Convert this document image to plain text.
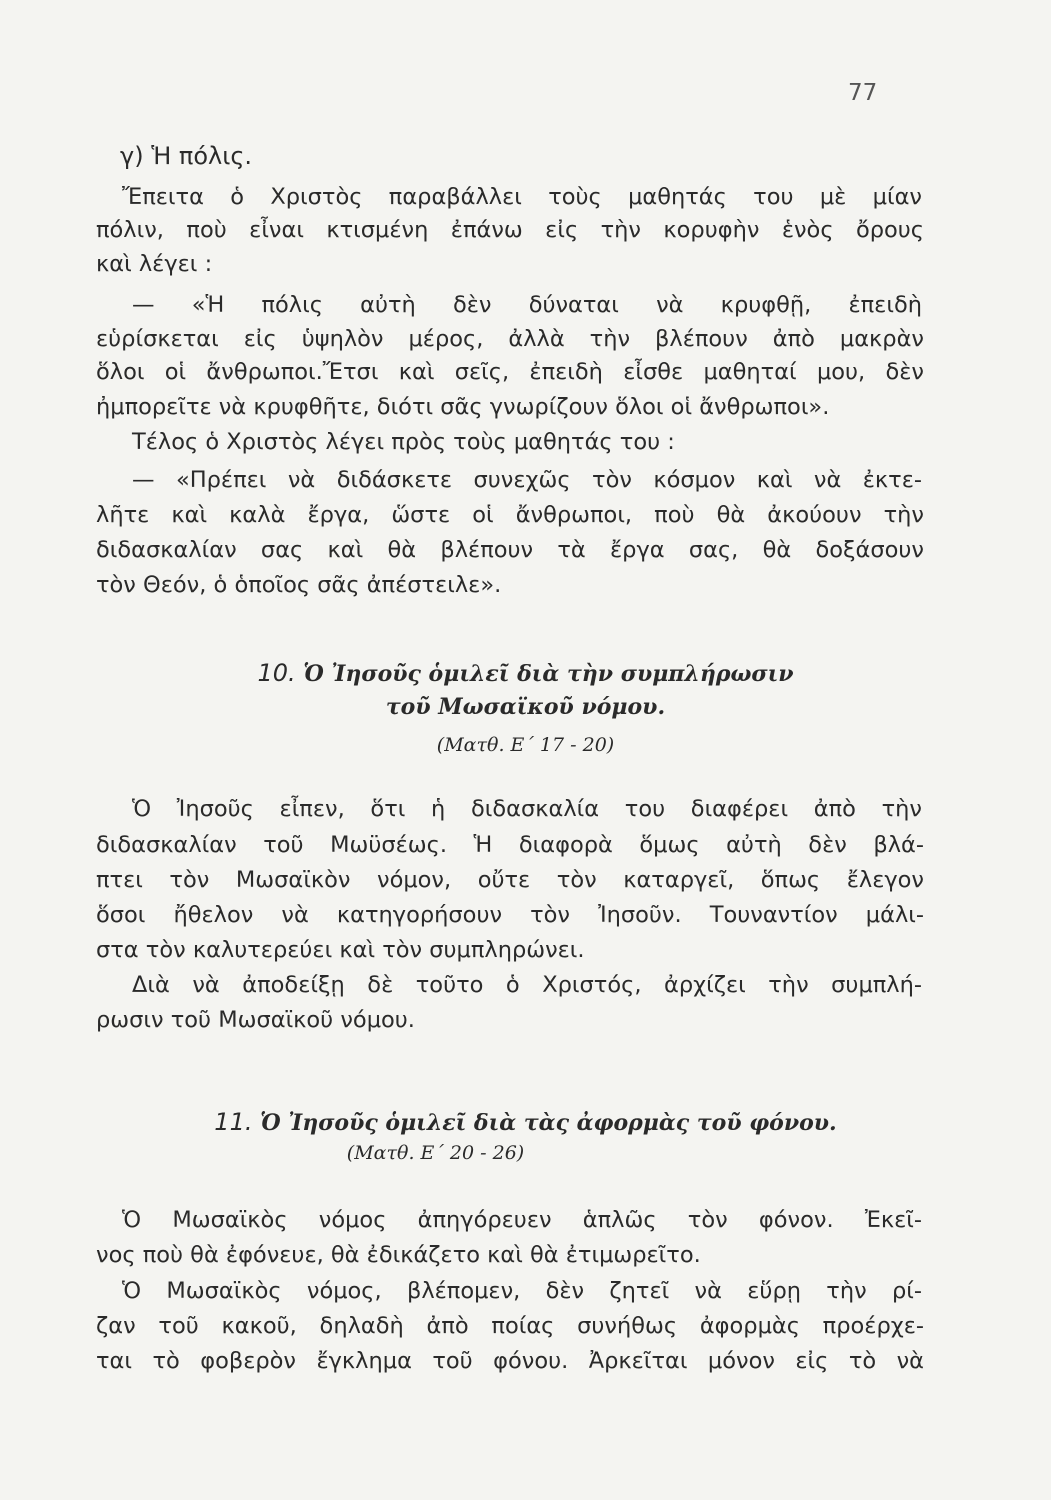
77
γ) Ἡ πόλις.
Ἔπειτα ὁ Χριστὸς παραβάλλει τοὺς μαθητάς του μὲ μίαν
πόλιν, ποὺ εἶναι κτισμένη ἐπάνω εἰς τὴν κορυφὴν ἑνὸς ὄρους
καὶ λέγει :
— «Ἡ πόλις αὐτὴ δὲν δύναται νὰ κρυφθῇ, ἐπειδὴ
εὑρίσκεται εἰς ὑψηλὸν μέρος, ἀλλὰ τὴν βλέπουν ἀπὸ μακρὰν
ὅλοι οἱ ἄνθρωποι.Ἔτσι καὶ σεῖς, ἐπειδὴ εἶσθε μαθηταί μου, δὲν
ἠμπορεῖτε νὰ κρυφθῆτε, διότι σᾶς γνωρίζουν ὅλοι οἱ ἄνθρωποι».
Τέλος ὁ Χριστὸς λέγει πρὸς τοὺς μαθητάς του :
— «Πρέπει νὰ διδάσκετε συνεχῶς τὸν κόσμον καὶ νὰ ἐκτε-
λῆτε καὶ καλὰ ἔργα, ὥστε οἱ ἄνθρωποι, ποὺ θὰ ἀκούουν τὴν
διδασκαλίαν σας καὶ θὰ βλέπουν τὰ ἔργα σας, θὰ δοξάσουν
τὸν Θεόν, ὁ ὁποῖος σᾶς ἀπέστειλε».
10. Ὁ Ἰησοῦς ὁμιλεῖ διὰ τὴν συμπλήρωσιν
τοῦ Μωσαϊκοῦ νόμου.
(Ματθ. Ε΄ 17 - 20)
Ὁ Ἰησοῦς εἶπεν, ὅτι ἡ διδασκαλία του διαφέρει ἀπὸ τὴν
διδασκαλίαν τοῦ Μωϋσέως. Ἡ διαφορὰ ὅμως αὐτὴ δὲν βλά-
πτει τὸν Μωσαϊκὸν νόμον, οὔτε τὸν καταργεῖ, ὅπως ἔλεγον
ὅσοι ἤθελον νὰ κατηγορήσουν τὸν Ἰησοῦν. Τουναντίον μάλι-
στα τὸν καλυτερεύει καὶ τὸν συμπληρώνει.
Διὰ νὰ ἀποδείξῃ δὲ τοῦτο ὁ Χριστός, ἀρχίζει τὴν συμπλή-
ρωσιν τοῦ Μωσαϊκοῦ νόμου.
11. Ὁ Ἰησοῦς ὁμιλεῖ διὰ τὰς ἀφορμὰς τοῦ φόνου.
(Ματθ. Ε΄ 20 - 26)
Ὁ Μωσαϊκὸς νόμος ἀπηγόρευεν ἁπλῶς τὸν φόνον. Ἐκεῖ-
νος ποὺ θὰ ἐφόνευε, θὰ ἐδικάζετο καὶ θὰ ἐτιμωρεῖτο.
Ὁ Μωσαϊκὸς νόμος, βλέπομεν, δὲν ζητεῖ νὰ εὕρῃ τὴν ρί-
ζαν τοῦ κακοῦ, δηλαδὴ ἀπὸ ποίας συνήθως ἀφορμὰς προέρχε-
ται τὸ φοβερὸν ἔγκλημα τοῦ φόνου. Ἀρκεῖται μόνον εἰς τὸ νὰ
